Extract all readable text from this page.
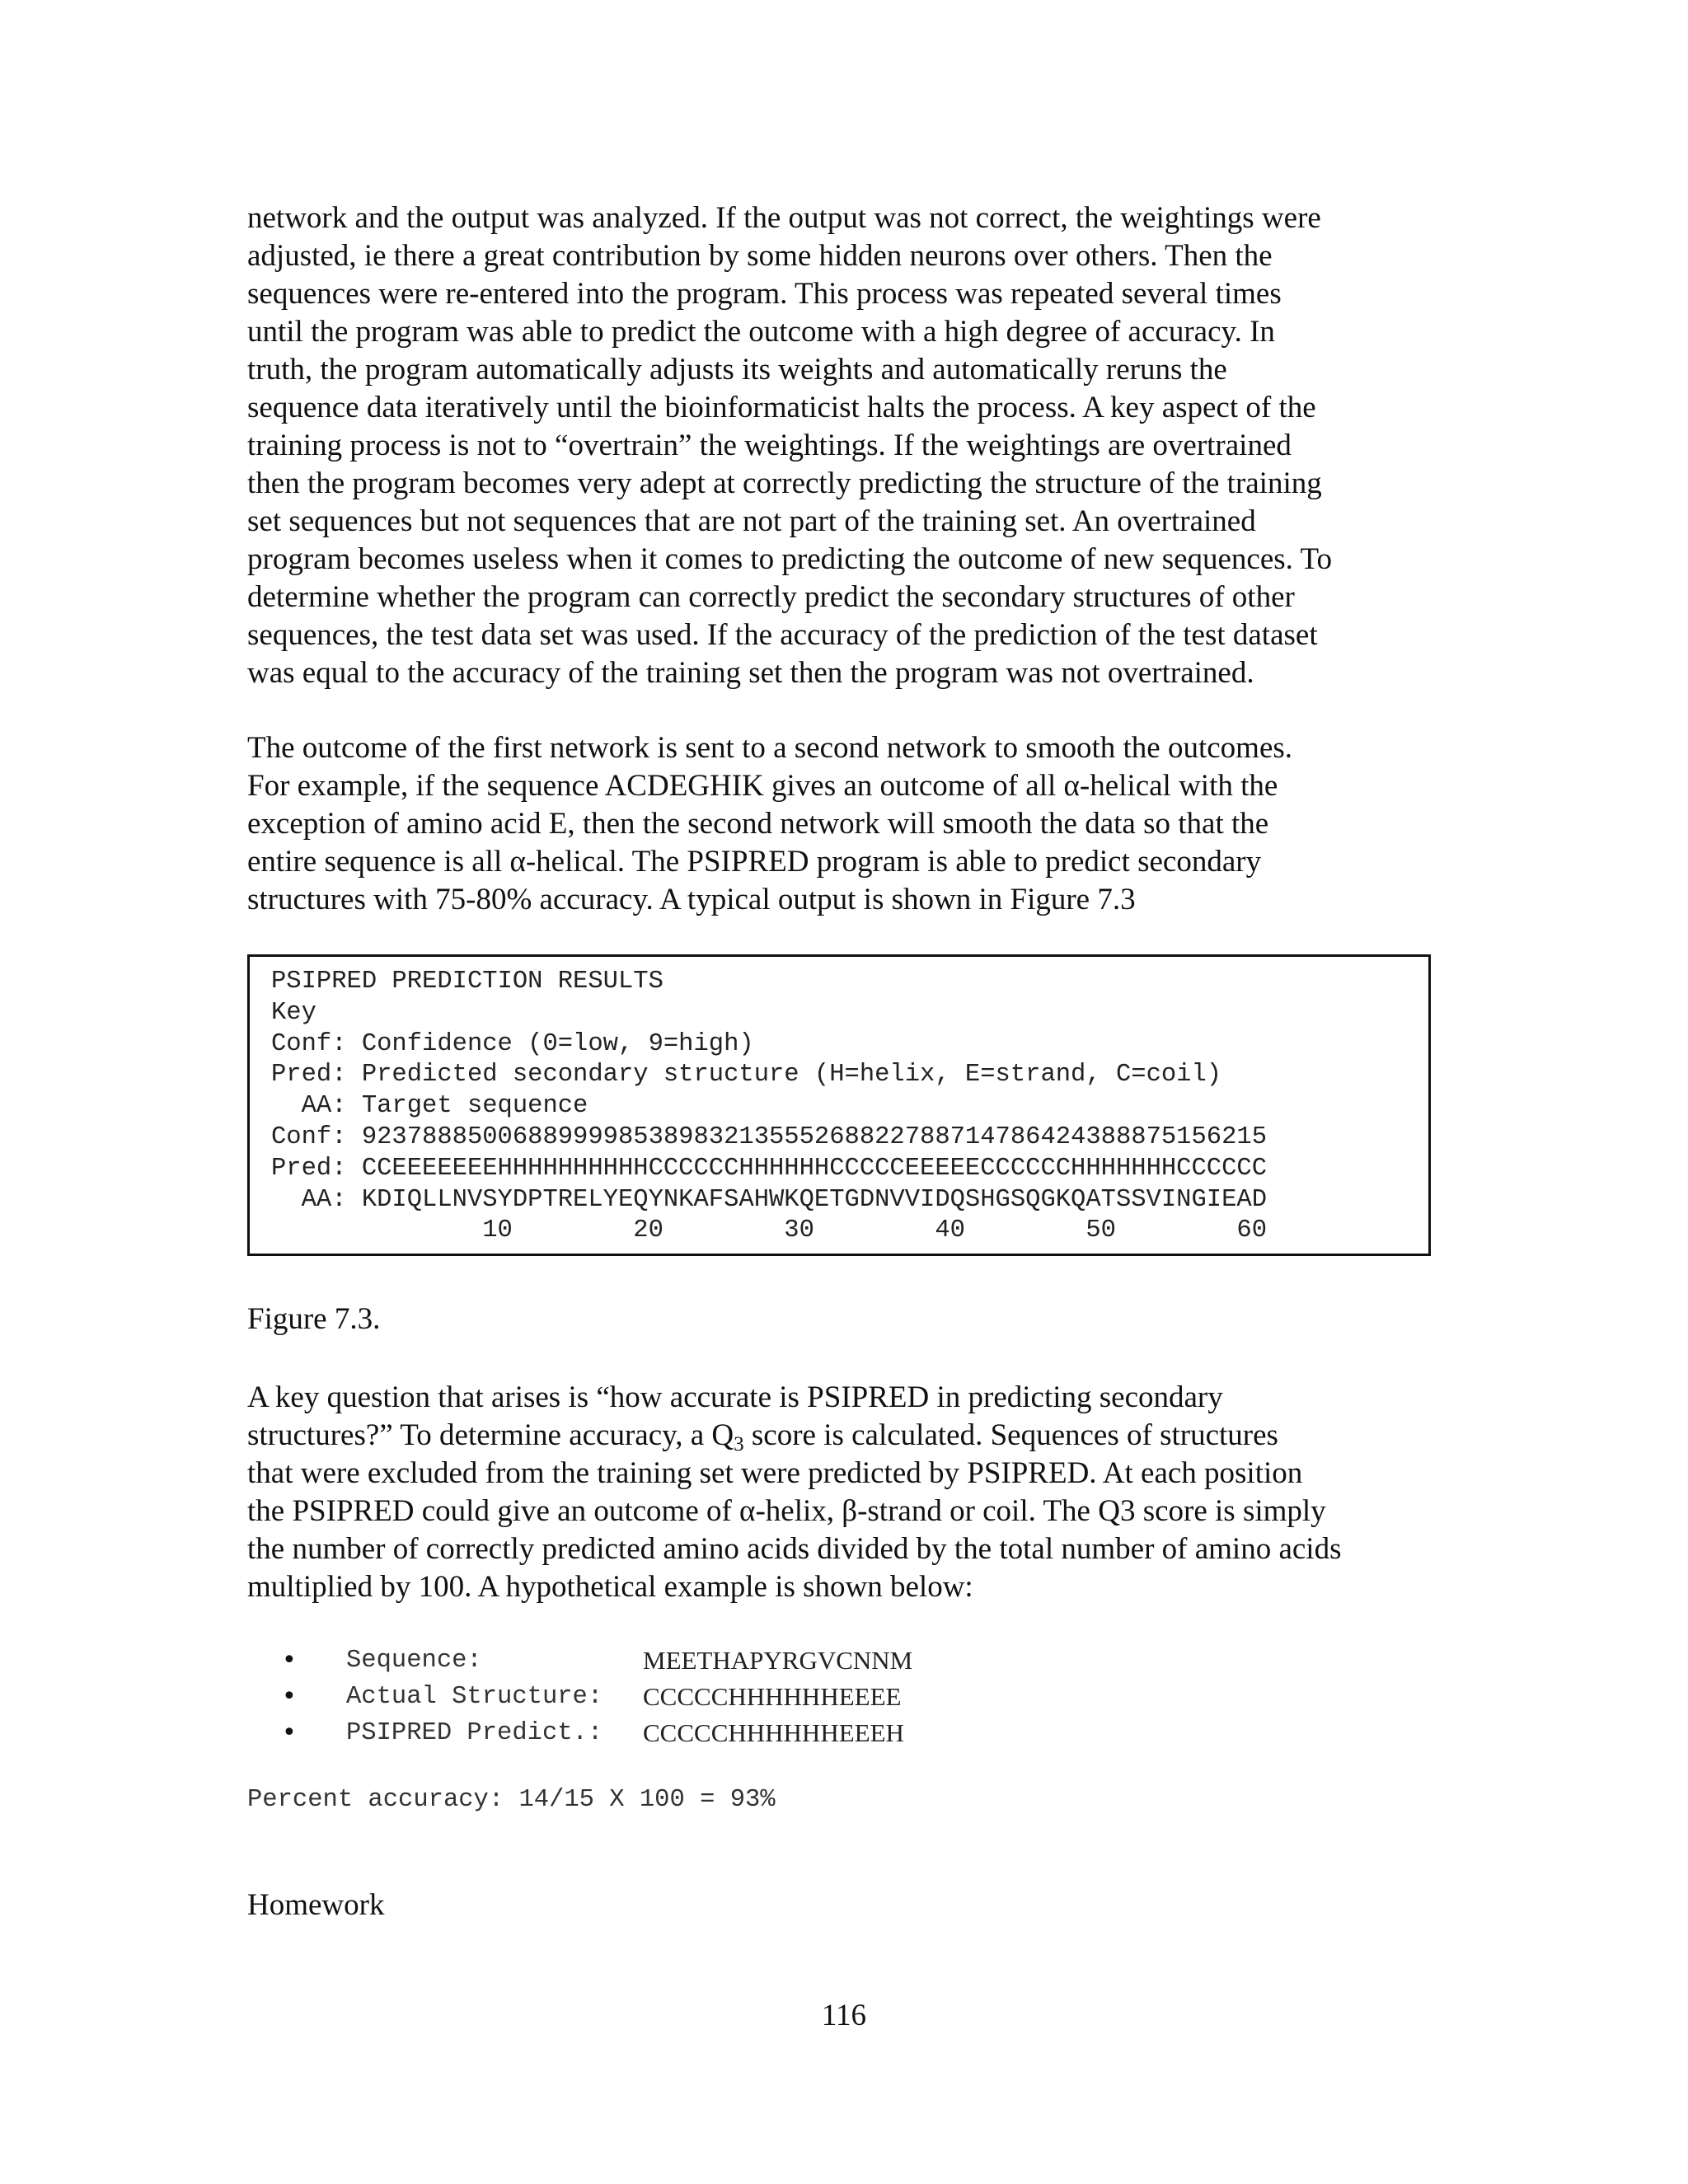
network and the output was analyzed. If the output was not correct, the weightings were
adjusted, ie there a great contribution by some hidden neurons over others. Then the
sequences were re-entered into the program. This process was repeated several times
until the program was able to predict the outcome with a high degree of accuracy. In
truth, the program automatically adjusts its weights and automatically reruns the
sequence data iteratively until the bioinformaticist halts the process. A key aspect of the
training process is not to “overtrain” the weightings. If the weightings are overtrained
then the program becomes very adept at correctly predicting the structure of the training
set sequences but not sequences that are not part of the training set. An overtrained
program becomes useless when it comes to predicting the outcome of new sequences. To
determine whether the program can correctly predict the secondary structures of other
sequences, the test data set was used. If the accuracy of the prediction of the test dataset
was equal to the accuracy of the training set then the program was not overtrained.

The outcome of the first network is sent to a second network to smooth the outcomes.
For example, if the sequence ACDEGHIK gives an outcome of all α-helical with the
exception of amino acid E, then the second network will smooth the data so that the
entire sequence is all α-helical. The PSIPRED program is able to predict secondary
structures with 75-80% accuracy. A typical output is shown in Figure 7.3

PSIPRED PREDICTION RESULTS
Key
Conf: Confidence (0=low, 9=high)
Pred: Predicted secondary structure (H=helix, E=strand, C=coil)
AA: Target sequence
Conf: 923788850068899998538983213555268822788714786424388875156215
Pred: CCEEEEEEEHHHHHHHHHHCCCCCCHHHHHHCCCCCEEEEECCCCCCHHHHHHHCCCCCC
AA: KDIQLLNVSYDPTRELYEQYNKAFSAHWKQETGDNVVIDQSHGSQGKQATSSVINGIEAD
10        20        30        40        50        60

Figure 7.3.

A key question that arises is “how accurate is PSIPRED in predicting secondary
structures?” To determine accuracy, a $Q_3$ score is calculated. Sequences of structures
that were excluded from the training set were predicted by PSIPRED. At each position
the PSIPRED could give an outcome of α-helix, β-strand or coil. The Q3 score is simply
the number of correctly predicted amino acids divided by the total number of amino acids
multiplied by 100. A hypothetical example is shown below:

• Sequence:	MEETHAPYRGVCNNM
• Actual Structure: CCCCCHHHHHHEEEE
• PSIPRED Predict.: CCCCCHHHHHHEEEH

Percent accuracy: 14/15 X 100 = 93%

Homework
116
